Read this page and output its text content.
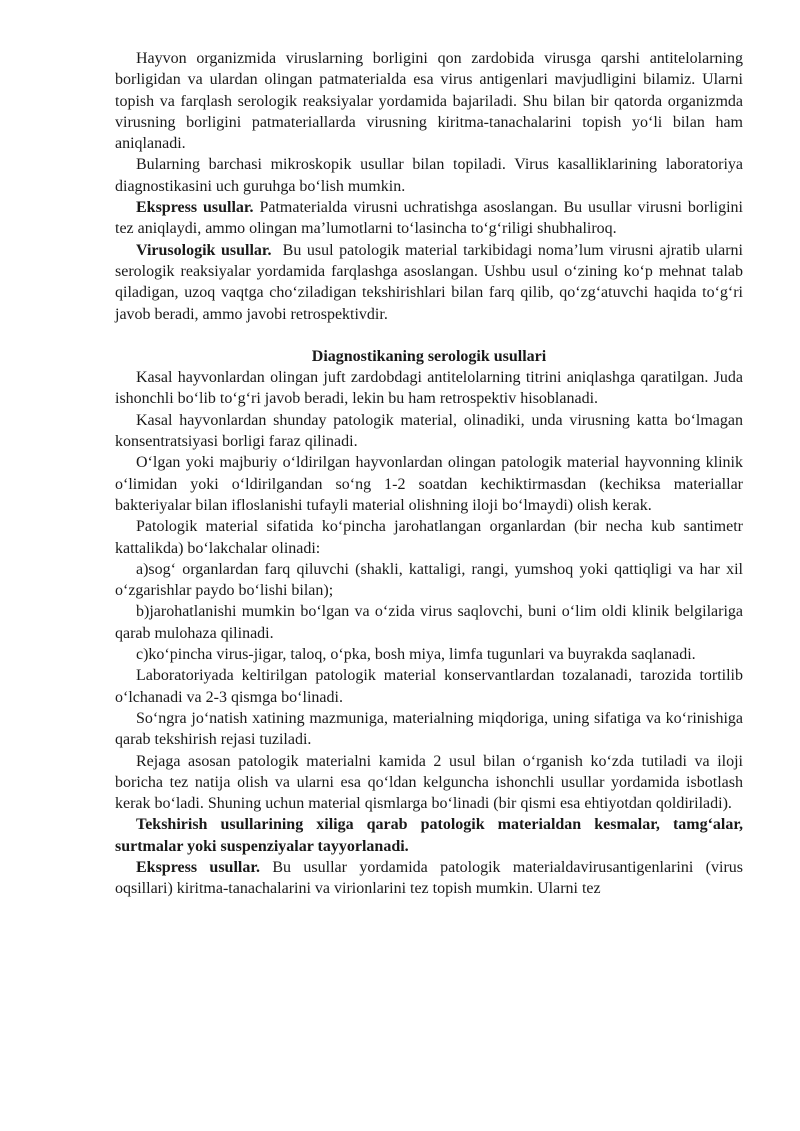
Hayvon organizmida viruslarning borligini qon zardobida virusga qarshi antitelolarning borligidan va ulardan olingan patmaterialda esa virus antigenlari mavjudligini bilamiz. Ularni topish va farqlash serologik reaksiyalar yordamida bajariladi. Shu bilan bir qatorda organizmda virusning borligini patmateriallarda virusning kiritma-tanachalarini topish yo‘li bilan ham aniqlanadi.

Bularning barchasi mikroskopik usullar bilan topiladi. Virus kasalliklarining laboratoriya diagnostikasini uch guruhga bo‘lish mumkin.

Ekspress usullar. Patmaterialda virusni uchratishga asoslangan. Bu usullar virusni borligini tez aniqlaydi, ammo olingan ma’lumotlarni to‘lasincha to‘g‘riligi shubhaliroq.

Virusologik usullar.  Bu usul patologik material tarkibidagi noma’lum virusni ajratib ularni serologik reaksiyalar yordamida farqlashga asoslangan. Ushbu usul o‘zining ko‘p mehnat talab qiladigan, uzoq vaqtga cho‘ziladigan tekshirishlari bilan farq qilib, qo‘zg‘atuvchi haqida to‘g‘ri javob beradi, ammo javobi retrospektivdir.

Diagnostikaning serologik usullari

Kasal hayvonlardan olingan juft zardobdagi antitelolarning titrini aniqlashga qaratilgan. Juda ishonchli bo‘lib to‘g‘ri javob beradi, lekin bu ham retrospektiv hisoblanadi.

Kasal hayvonlardan shunday patologik material, olinadiki, unda virusning katta bo‘lmagan konsentratsiyasi borligi faraz qilinadi.

O‘lgan yoki majburiy o‘ldirilgan hayvonlardan olingan patologik material hayvonning klinik o‘limidan yoki o‘ldirilgandan so‘ng 1-2 soatdan kechiktirmasdan (kechiksa materiallar bakteriyalar bilan ifloslanishi tufayli material olishning iloji bo‘lmaydi) olish kerak.

Patologik material sifatida ko‘pincha jarohatlangan organlardan (bir necha kub santimetr kattalikda) bo‘lakchalar olinadi:

a)sog‘ organlardan farq qiluvchi (shakli, kattaligi, rangi, yumshoq yoki qattiqligi va har xil o‘zgarishlar paydo bo‘lishi bilan);

b)jarohatlanishi mumkin bo‘lgan va o‘zida virus saqlovchi, buni o‘lim oldi klinik belgilariga qarab mulohaza qilinadi.

c)ko‘pincha virus-jigar, taloq, o‘pka, bosh miya, limfa tugunlari va buyrakda saqlanadi.

Laboratoriyada keltirilgan patologik material konservantlardan tozalanadi, tarozida tortilib o‘lchanadi va 2-3 qismga bo‘linadi.

So‘ngra jo‘natish xatining mazmuniga, materialning miqdoriga, uning sifatiga va ko‘rinishiga qarab tekshirish rejasi tuziladi.

Rejaga asosan patologik materialni kamida 2 usul bilan o‘rganish ko‘zda tutiladi va iloji boricha tez natija olish va ularni esa qo‘ldan kelguncha ishonchli usullar yordamida isbotlash kerak bo‘ladi. Shuning uchun material qismlarga bo‘linadi (bir qismi esa ehtiyotdan qoldiriladi).

Tekshirish usullarining xiliga qarab patologik materialdan kesmalar, tamg‘alar, surtmalar yoki suspenziyalar tayyorlanadi.

Ekspress usullar. Bu usullar yordamida patologik materialdavirusantigenlarini (virus oqsillari) kiritma-tanachalarini va virionlarini tez topish mumkin. Ularni tez
